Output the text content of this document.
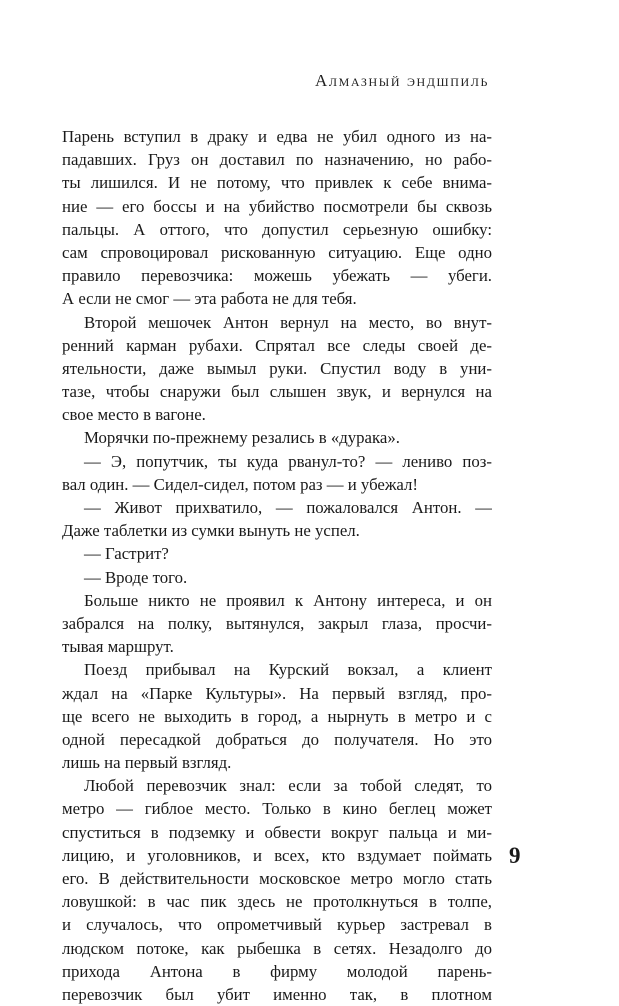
Алмазный эндшпиль
Парень вступил в драку и едва не убил одного из на-
падавших. Груз он доставил по назначению, но рабо-
ты лишился. И не потому, что привлек к себе внима-
ние — его боссы и на убийство посмотрели бы сквозь
пальцы. А оттого, что допустил серьезную ошибку:
сам спровоцировал рискованную ситуацию. Еще одно
правило перевозчика: можешь убежать — убеги.
А если не смог — эта работа не для тебя.
Второй мешочек Антон вернул на место, во внут-
ренний карман рубахи. Спрятал все следы своей де-
ятельности, даже вымыл руки. Спустил воду в уни-
тазе, чтобы снаружи был слышен звук, и вернулся на
свое место в вагоне.
Морячки по-прежнему резались в «дурака».
— Э, попутчик, ты куда рванул-то? — лениво поз-
вал один. — Сидел-сидел, потом раз — и убежал!
— Живот прихватило, — пожаловался Антон. —
Даже таблетки из сумки вынуть не успел.
— Гастрит?
— Вроде того.
Больше никто не проявил к Антону интереса, и он
забрался на полку, вытянулся, закрыл глаза, просчи-
тывая маршрут.
Поезд прибывал на Курский вокзал, а клиент
ждал на «Парке Культуры». На первый взгляд, про-
ще всего не выходить в город, а нырнуть в метро и с
одной пересадкой добраться до получателя. Но это
лишь на первый взгляд.
Любой перевозчик знал: если за тобой следят, то
метро — гиблое место. Только в кино беглец может
спуститься в подземку и обвести вокруг пальца и ми-
лицию, и уголовников, и всех, кто вздумает поймать
его. В действительности московское метро могло стать
ловушкой: в час пик здесь не протолкнуться в толпе,
и случалось, что опрометчивый курьер застревал в
людском потоке, как рыбешка в сетях. Незадолго до
прихода Антона в фирму молодой парень-
перевозчик был убит именно так, в плотном
9
